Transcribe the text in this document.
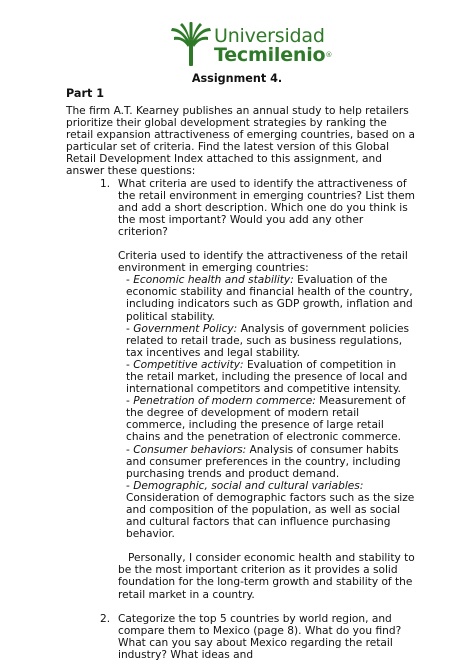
Universidad
Tecmilenio®
Assignment 4.
Part 1

The firm A.T. Kearney publishes an annual study to help retailers prioritize their global development strategies by ranking the retail expansion attractiveness of emerging countries, based on a particular set of criteria. Find the latest version of this Global Retail Development Index attached to this assignment, and answer these questions:

1. What criteria are used to identify the attractiveness of the retail environment in emerging countries? List them and add a short description. Which one do you think is the most important? Would you add any other criterion?

Criteria used to identify the attractiveness of the retail environment in emerging countries:

- Economic health and stability: Evaluation of the economic stability and financial health of the country, including indicators such as GDP growth, inflation and political stability.

- Government Policy: Analysis of government policies related to retail trade, such as business regulations, tax incentives and legal stability.

- Competitive activity: Evaluation of competition in the retail market, including the presence of local and international competitors and competitive intensity.

- Penetration of modern commerce: Measurement of the degree of development of modern retail commerce, including the presence of large retail chains and the penetration of electronic commerce.

- Consumer behaviors: Analysis of consumer habits and consumer preferences in the country, including purchasing trends and product demand.

- Demographic, social and cultural variables: Consideration of demographic factors such as the size and composition of the population, as well as social and cultural factors that can influence purchasing behavior.

Personally, I consider economic health and stability to be the most important criterion as it provides a solid foundation for the long-term growth and stability of the retail market in a country.

2. Categorize the top 5 countries by world region, and compare them to Mexico (page 8). What do you find? What can you say about Mexico regarding the retail industry? What ideas and
